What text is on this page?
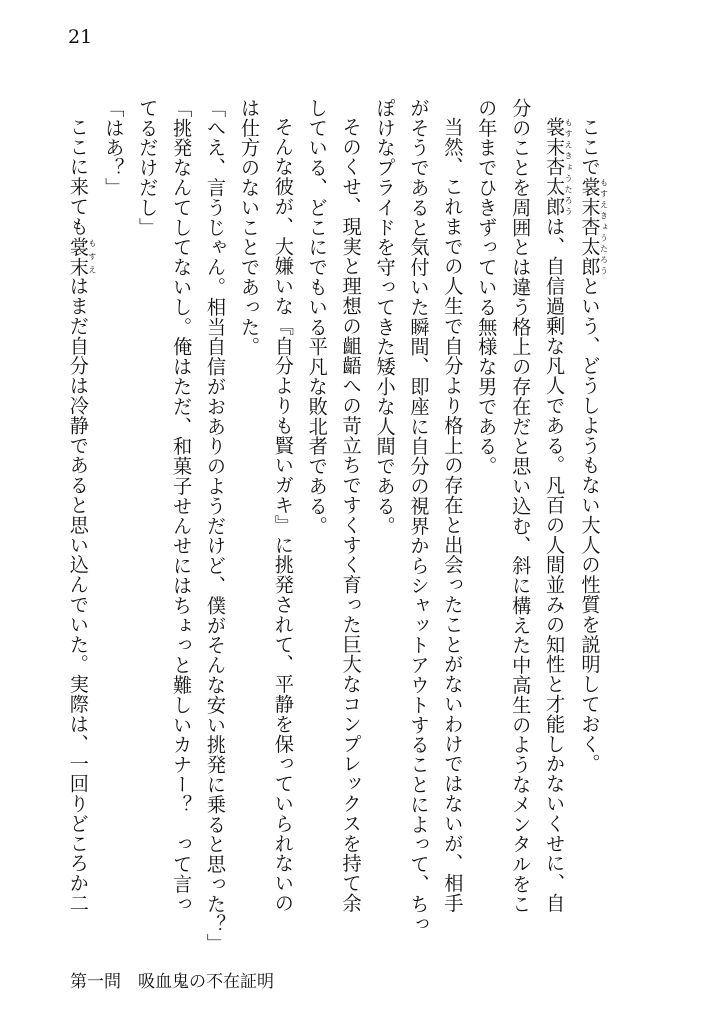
21
ここで裳末杏太郎もすえきょうたろうという、どうしようもない大人の性質を説明しておく。
裳末杏太郎もすえきょうたろうは、自信過剰な凡人である。凡百の人間並みの知性と才能しかないくせに、自
分のことを周囲とは違う格上の存在だと思い込む、斜に構えた中高生のようなメンタルをこ
の年までひきずっている無様な男である。
当然、これまでの人生で自分より格上の存在と出会ったことがないわけではないが、相手
がそうであると気付いた瞬間、即座に自分の視界からシャットアウトすることによって、ちっ
ぽけなプライドを守ってきた矮小な人間である。
そのくせ、現実と理想の齟齬への苛立ちですくすく育った巨大なコンプレックスを持て余
している、どこにでもいる平凡な敗北者である。
そんな彼が、大嫌いな『自分よりも賢いガキ』に挑発されて、平静を保っていられないの
は仕方のないことであった。
「へえ、言うじゃん。相当自信がおありのようだけど、僕がそんな安い挑発に乗ると思った？」
「挑発なんてしてないし。俺はただ、和菓子せんせにはちょっと難しいカナー？　って言っ
てるだけだし」
「はあ？」
ここに来ても裳末もすえはまだ自分は冷静であると思い込んでいた。実際は、一回りどころか二
第一問　 吸血鬼の不在証明
